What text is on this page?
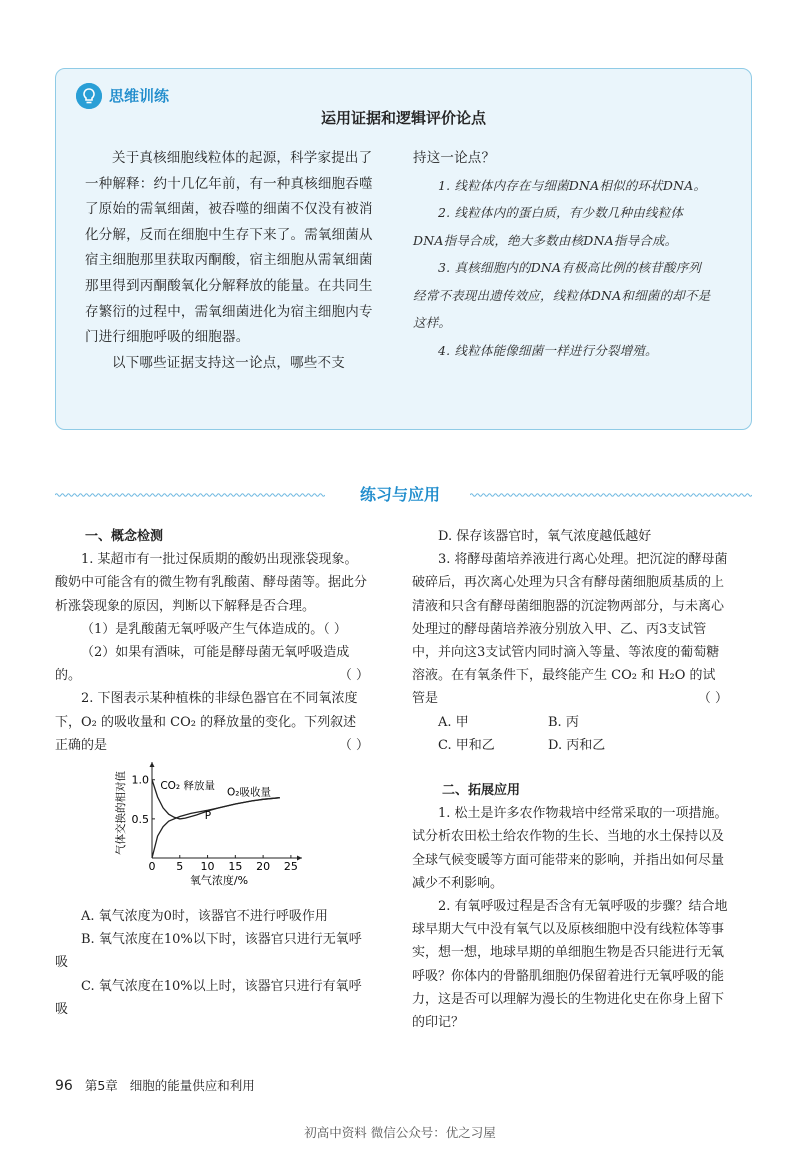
思维训练
运用证据和逻辑评价论点

关于真核细胞线粒体的起源，科学家提出了一种解释：约十几亿年前，有一种真核细胞吞噬了原始的需氧细菌，被吞噬的细菌不仅没有被消化分解，反而在细胞中生存下来了。需氧细菌从宿主细胞那里获取丙酮酸，宿主细胞从需氧细菌那里得到丙酮酸氧化分解释放的能量。在共同生存繁衍的过程中，需氧细菌进化为宿主细胞内专门进行细胞呼吸的细胞器。

以下哪些证据支持这一论点，哪些不支

持这一论点？

1. 线粒体内存在与细菌DNA相似的环状DNA。

2. 线粒体内的蛋白质，有少数几种由线粒体DNA指导合成，绝大多数由核DNA指导合成。

3. 真核细胞内的DNA有极高比例的核苷酸序列经常不表现出遗传效应，线粒体DNA和细菌的却不是这样。

4. 线粒体能像细菌一样进行分裂增殖。

练习与应用

一、概念检测

1. 某超市有一批过保质期的酸奶出现涨袋现象。酸奶中可能含有的微生物有乳酸菌、酵母菌等。据此分析涨袋现象的原因，判断以下解释是否合理。

（1）是乳酸菌无氧呼吸产生气体造成的。（ ）

（2）如果有酒味，可能是酵母菌无氧呼吸造成的。	（ ）

2. 下图表示某种植株的非绿色器官在不同氧浓度下，O₂ 的吸收量和 CO₂ 的释放量的变化。下列叙述正确的是	（ ）

0 5 10 15 20 25
0.5
1.0
氧气浓度/%
气体交换的相对值	CO₂ 释放量
O₂吸收量
P

A. 氧气浓度为0时，该器官不进行呼吸作用

B. 氧气浓度在10%以下时，该器官只进行无氧呼吸

C. 氧气浓度在10%以上时，该器官只进行有氧呼吸

D. 保存该器官时，氧气浓度越低越好

3. 将酵母菌培养液进行离心处理。把沉淀的酵母菌破碎后，再次离心处理为只含有酵母菌细胞质基质的上清液和只含有酵母菌细胞器的沉淀物两部分，与未离心处理过的酵母菌培养液分别放入甲、乙、丙3支试管中，并向这3支试管内同时滴入等量、等浓度的葡萄糖溶液。在有氧条件下，最终能产生 CO₂ 和 H₂O 的试管是	（ ）

A. 甲	B. 丙
C. 甲和乙	D. 丙和乙

二、拓展应用

1. 松土是许多农作物栽培中经常采取的一项措施。试分析农田松土给农作物的生长、当地的水土保持以及全球气候变暖等方面可能带来的影响，并指出如何尽量减少不利影响。

2. 有氧呼吸过程是否含有无氧呼吸的步骤？结合地球早期大气中没有氧气以及原核细胞中没有线粒体等事实，想一想，地球早期的单细胞生物是否只能进行无氧呼吸？你体内的骨骼肌细胞仍保留着进行无氧呼吸的能力，这是否可以理解为漫长的生物进化史在你身上留下的印记？

96 第5章 细胞的能量供应和利用
初高中资料 微信公众号：优之习屋
